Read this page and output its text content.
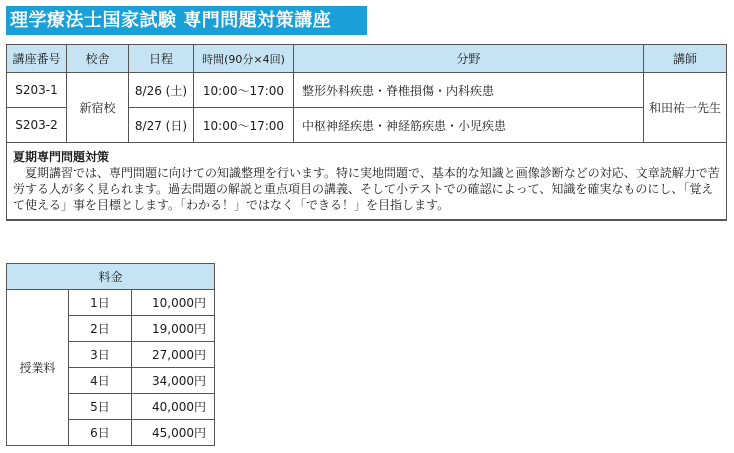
理学療法士国家試験 専門問題対策講座
講座番号	校舎	日程	時間(90分×4回)	分野	講師
S203-1	新宿校	8/26 (土)	10:00〜17:00	整形外科疾患・脊椎損傷・内科疾患	和田祐一先生
S203-2		8/27 (日)	10:00〜17:00	中枢神経疾患・神経筋疾患・小児疾患	

夏期専門問題対策
夏期講習では、専門問題に向けての知識整理を行います。特に実地問題で、基本的な知識と画像診断などの対応、文章読解力で苦労する人が多く見られます。過去問題の解説と重点項目の講義、そして小テストでの確認によって、知識を確実なものにし、「覚えて使える」事を目標とします。「わかる！」ではなく「できる！」を目指します。					
料金		
授業料	1日	10,000円
	2日	19,000円
	3日	27,000円
	4日	34,000円
	5日	40,000円
	6日	45,000円
